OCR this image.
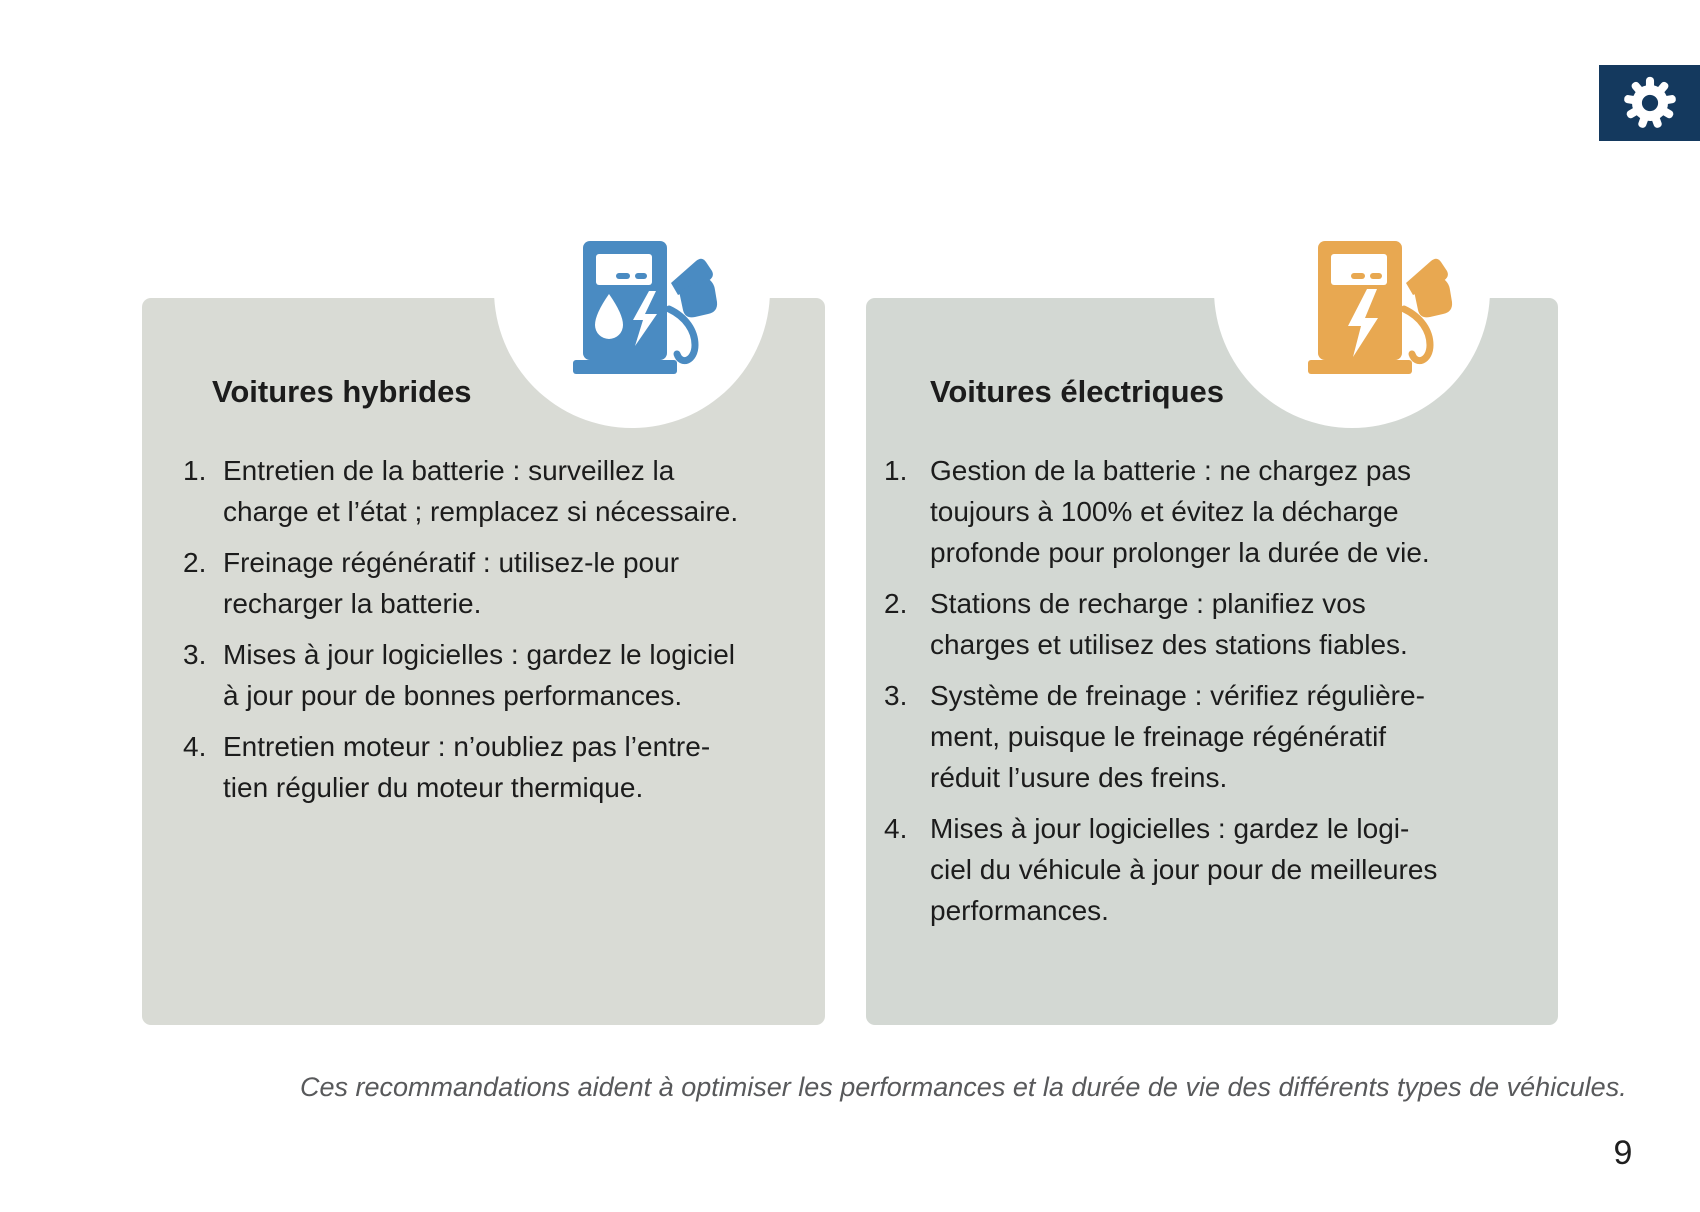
Voitures hybrides
1. Entretien de la batterie : surveillez la
charge et l’état ; remplacez si nécessaire.
2. Freinage régénératif : utilisez-le pour
recharger la batterie.
3. Mises à jour logicielles : gardez le logiciel
à jour pour de bonnes performances.
4. Entretien moteur : n’oubliez pas l’entre-
tien régulier du moteur thermique.
Voitures électriques
1. Gestion de la batterie : ne chargez pas
toujours à 100% et évitez la décharge
profonde pour prolonger la durée de vie.
2. Stations de recharge : planifiez vos
charges et utilisez des stations fiables.
3. Système de freinage : vérifiez régulière-
ment, puisque le freinage régénératif
réduit l’usure des freins.
4. Mises à jour logicielles : gardez le logi-
ciel du véhicule à jour pour de meilleures
performances.
Ces recommandations aident à optimiser les performances et la durée de vie des différents types de véhicules.
9
